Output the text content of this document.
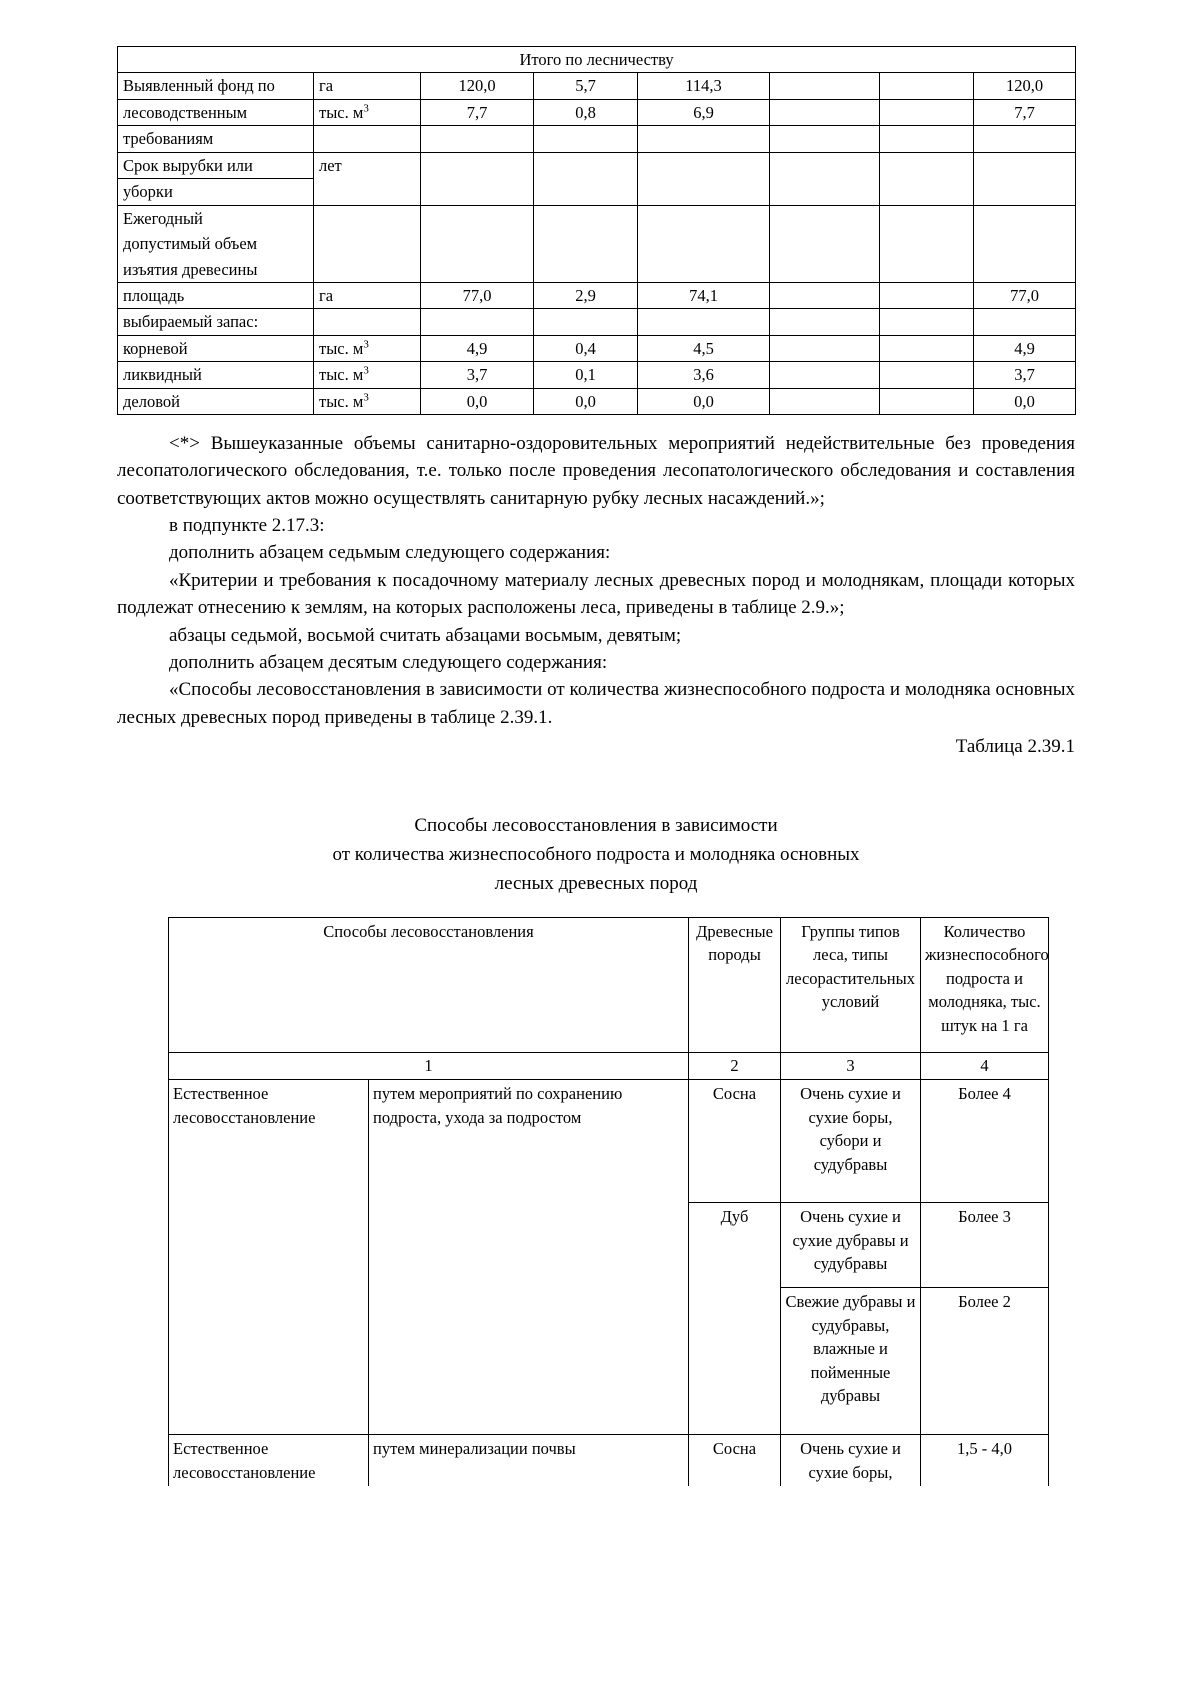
Итого по лесничеству							
Выявленный фонд по	га	120,0	5,7	114,3			120,0
лесоводственным	тыс. $м^3$	7,7	0,8	6,9			7,7
требованиям							
Срок вырубки или	лет						
уборки							
Ежегодный							
допустимый объем							
изъятия древесины							
площадь	га	77,0	2,9	74,1			77,0
выбираемый запас:							
корневой	тыс. $м^3$	4,9	0,4	4,5			4,9
ликвидный	тыс. $м^3$	3,7	0,1	3,6			3,7
деловой	тыс. $м^3$	0,0	0,0	0,0			0,0

<*> Вышеуказанные объемы санитарно-оздоровительных мероприятий недействительные без проведения лесопатологического обследования, т.е. только после проведения лесопатологического обследования и составления соответствующих актов можно осуществлять санитарную рубку лесных насаждений.»;

в подпункте 2.17.3:

дополнить абзацем седьмым следующего содержания:

«Критерии и требования к посадочному материалу лесных древесных пород и молоднякам, площади которых подлежат отнесению к землям, на которых расположены леса, приведены в таблице 2.9.»;

абзацы седьмой, восьмой считать абзацами восьмым, девятым;

дополнить абзацем десятым следующего содержания:

«Способы лесовосстановления в зависимости от количества жизнеспособного подроста и молодняка основных лесных древесных пород приведены в таблице 2.39.1.

Таблица 2.39.1

Способы лесовосстановления в зависимости
от количества жизнеспособного подроста и молодняка основных
лесных древесных пород
Способы лесовосстановления		Древесные породы	Группы типов леса, типы лесорастительных условий	Количество жизнеспособного подроста и молодняка, тыс. штук на 1 га
1		2	3	4
Естественное лесовосстановление	путем мероприятий по сохранению подроста, ухода за подростом	Сосна	Очень сухие и сухие боры, субори и судубравы	Более 4
		Дуб	Очень сухие и сухие дубравы и судубравы	Более 3
			Свежие дубравы и судубравы, влажные и пойменные дубравы	Более 2
Естественное лесовосстановление	путем минерализации почвы	Сосна	Очень сухие и сухие боры,	1,5 - 4,0
